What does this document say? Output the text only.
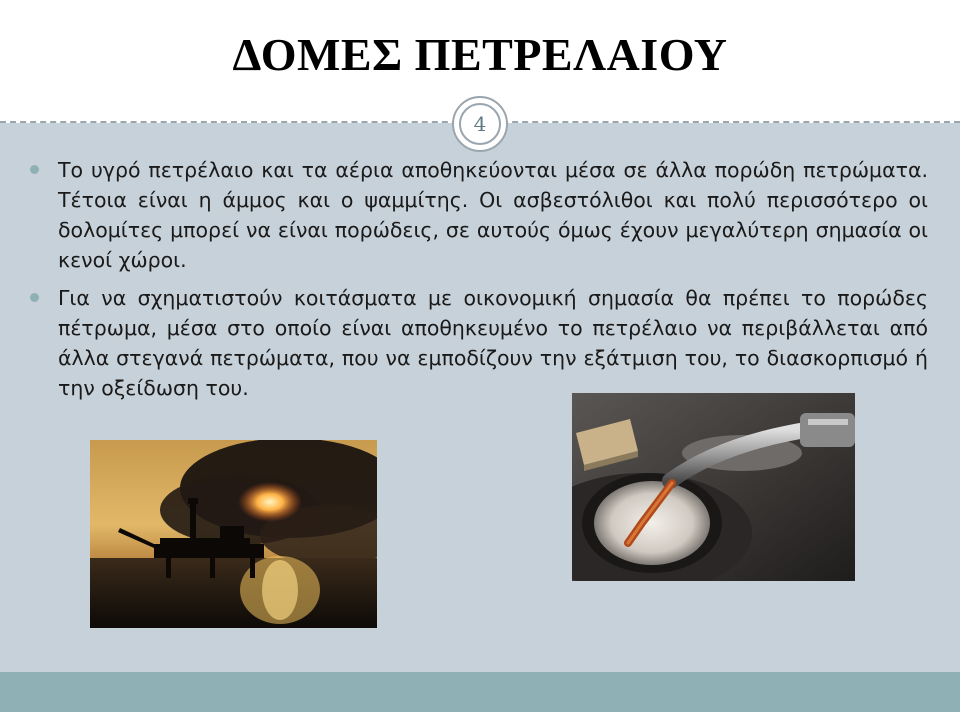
ΔΟΜΕΣ ΠΕΤΡΕΛΑΙΟΥ
4
Το υγρό πετρέλαιο και τα αέρια αποθηκεύονται μέσα σε άλλα πορώδη πετρώματα. Τέτοια είναι η άμμος και ο ψαμμίτης. Οι ασβεστόλιθοι και πολύ περισσότερο οι δολομίτες μπορεί να είναι πορώδεις, σε αυτούς όμως έχουν μεγαλύτερη σημασία οι κενοί χώροι.
Για να σχηματιστούν κοιτάσματα με οικονομική σημασία θα πρέπει το πορώδες πέτρωμα, μέσα στο οποίο είναι αποθηκευμένο το πετρέλαιο να περιβάλλεται από άλλα στεγανά πετρώματα, που να εμποδίζουν την εξάτμιση του, το διασκορπισμό ή την οξείδωση του.
